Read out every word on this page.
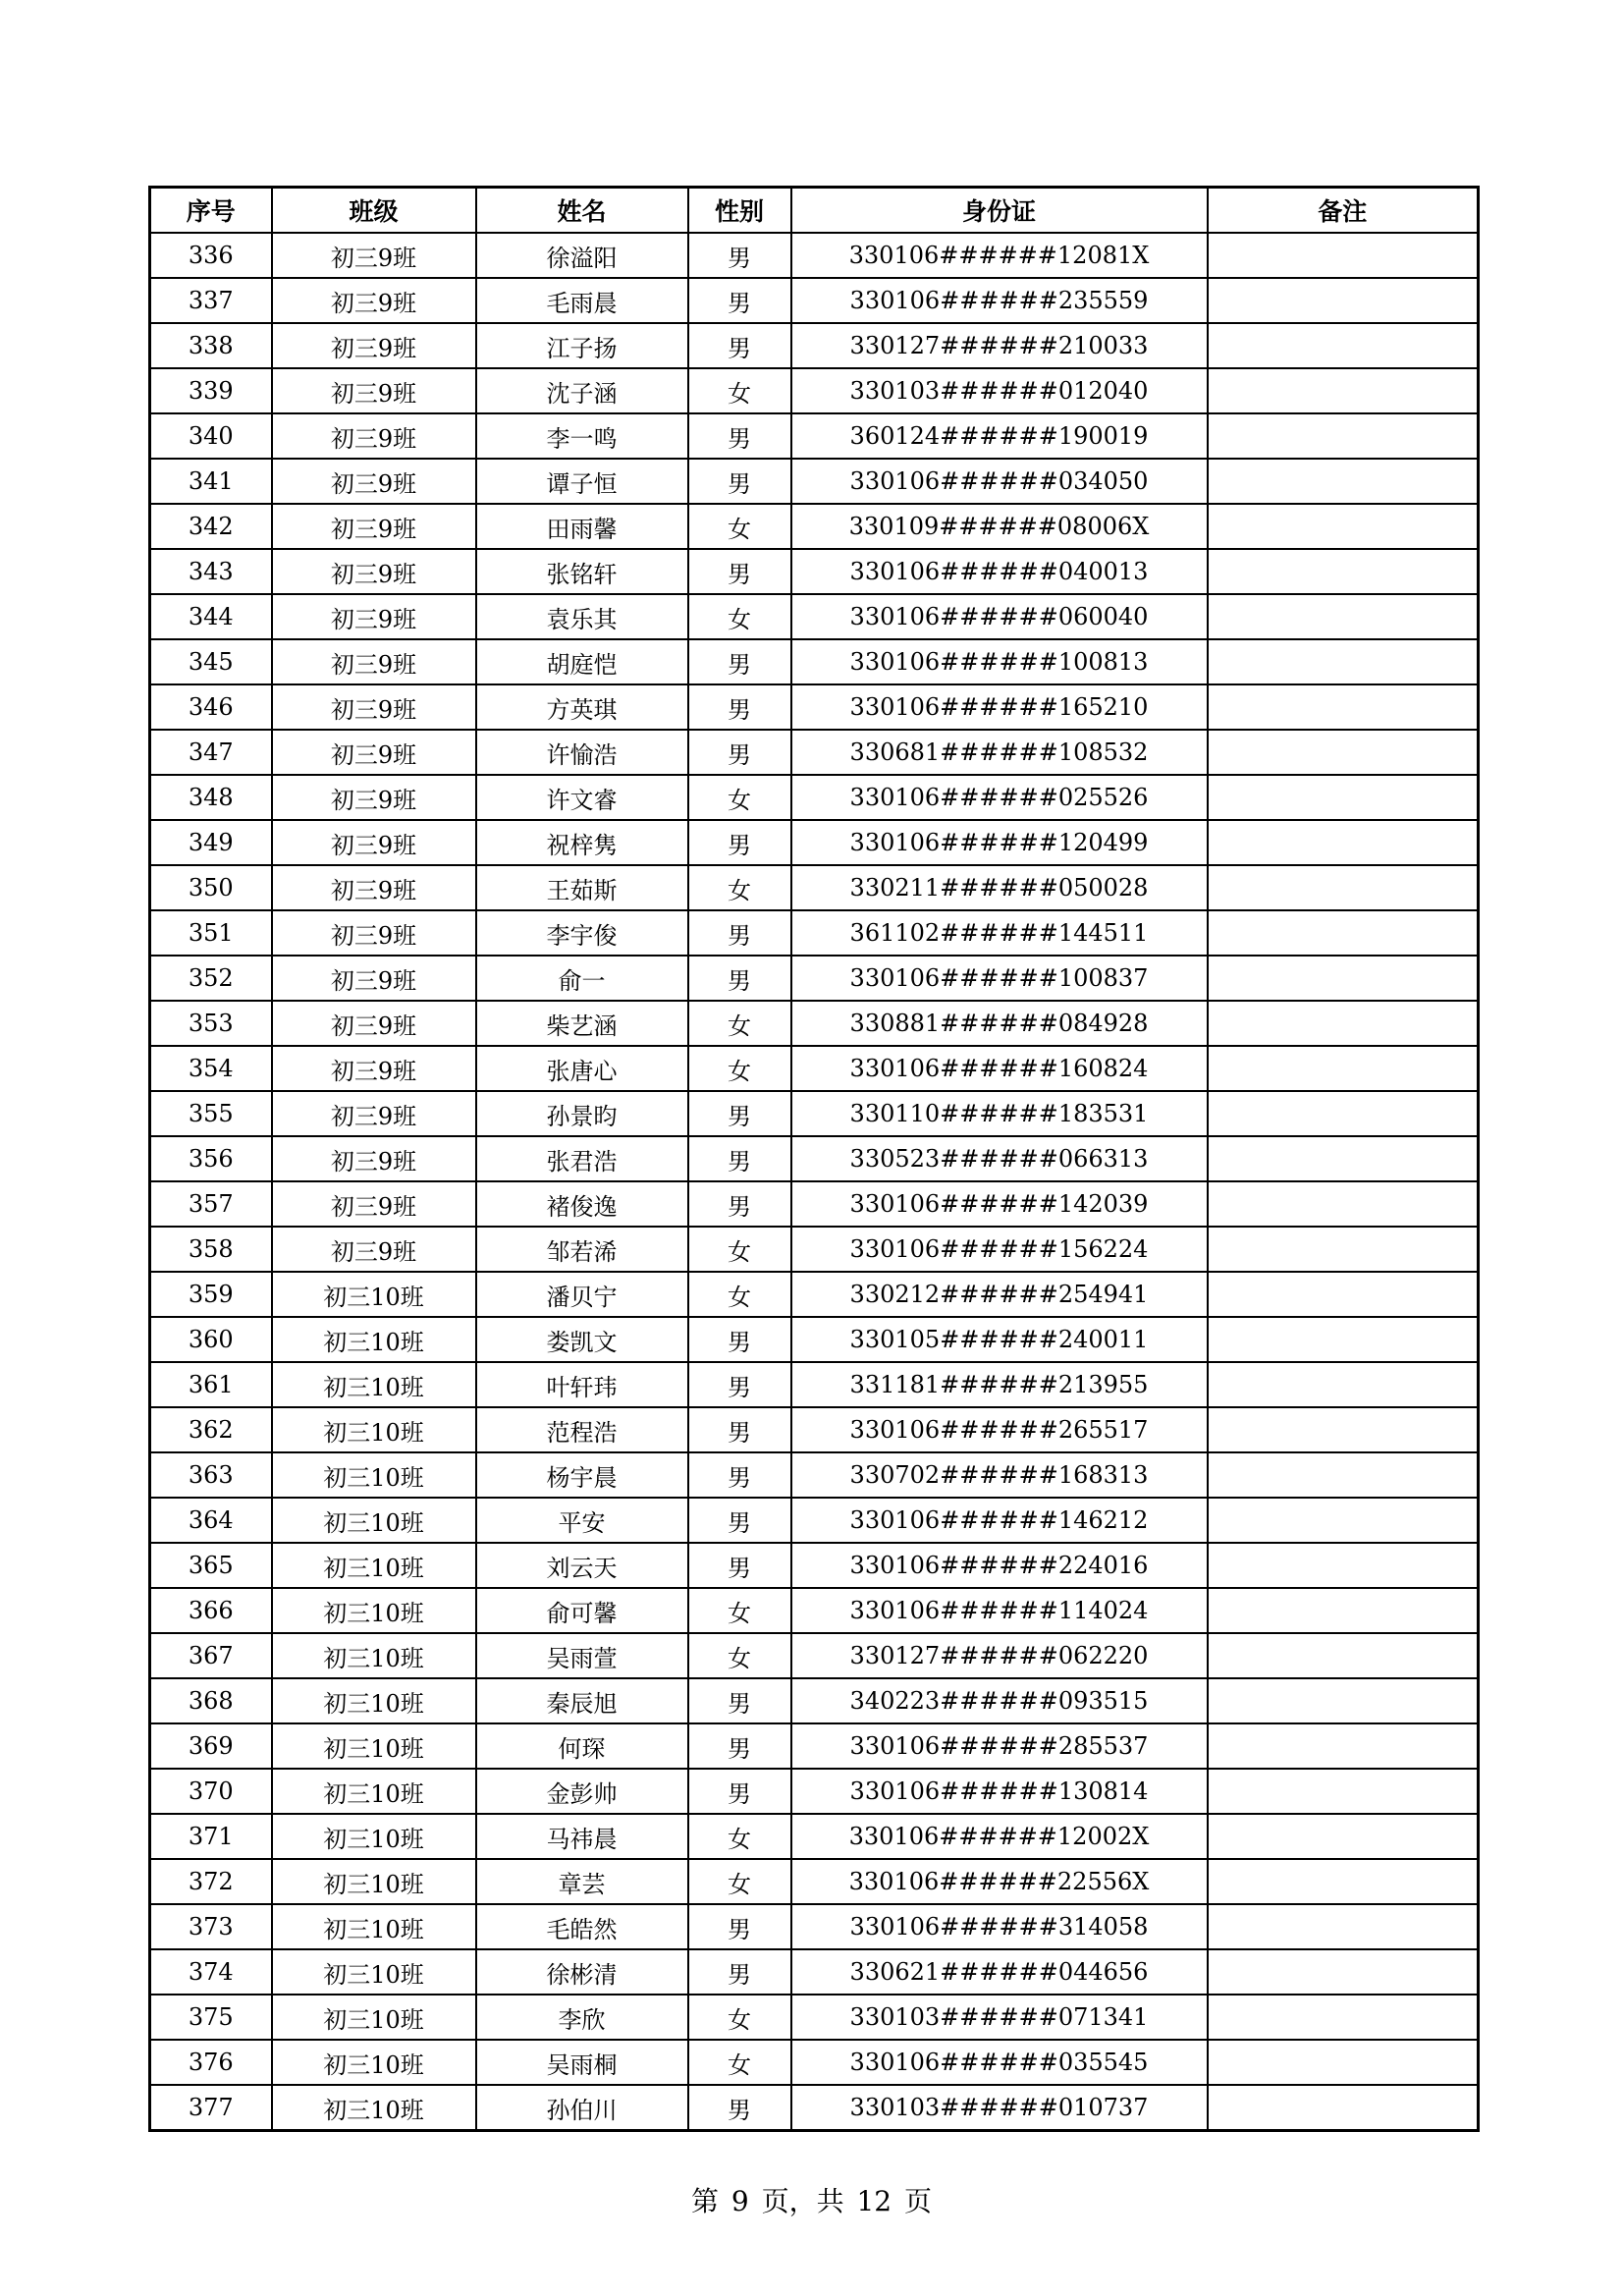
序号	班级	姓名	性别	身份证	备注
336	初三9班	徐溢阳	男	330106######12081X	
337	初三9班	毛雨晨	男	330106######235559	
338	初三9班	江子扬	男	330127######210033	
339	初三9班	沈子涵	女	330103######012040	
340	初三9班	李一鸣	男	360124######190019	
341	初三9班	谭子恒	男	330106######034050	
342	初三9班	田雨馨	女	330109######08006X	
343	初三9班	张铭轩	男	330106######040013	
344	初三9班	袁乐其	女	330106######060040	
345	初三9班	胡庭恺	男	330106######100813	
346	初三9班	方英琪	男	330106######165210	
347	初三9班	许愉浩	男	330681######108532	
348	初三9班	许文睿	女	330106######025526	
349	初三9班	祝梓隽	男	330106######120499	
350	初三9班	王茹斯	女	330211######050028	
351	初三9班	李宇俊	男	361102######144511	
352	初三9班	俞一	男	330106######100837	
353	初三9班	柴艺涵	女	330881######084928	
354	初三9班	张唐心	女	330106######160824	
355	初三9班	孙景昀	男	330110######183531	
356	初三9班	张君浩	男	330523######066313	
357	初三9班	褚俊逸	男	330106######142039	
358	初三9班	邹若浠	女	330106######156224	
359	初三10班	潘贝宁	女	330212######254941	
360	初三10班	娄凯文	男	330105######240011	
361	初三10班	叶轩玮	男	331181######213955	
362	初三10班	范程浩	男	330106######265517	
363	初三10班	杨宇晨	男	330702######168313	
364	初三10班	平安	男	330106######146212	
365	初三10班	刘云天	男	330106######224016	
366	初三10班	俞可馨	女	330106######114024	
367	初三10班	吴雨萱	女	330127######062220	
368	初三10班	秦辰旭	男	340223######093515	
369	初三10班	何琛	男	330106######285537	
370	初三10班	金彭帅	男	330106######130814	
371	初三10班	马祎晨	女	330106######12002X	
372	初三10班	章芸	女	330106######22556X	
373	初三10班	毛皓然	男	330106######314058	
374	初三10班	徐彬清	男	330621######044656	
375	初三10班	李欣	女	330103######071341	
376	初三10班	吴雨桐	女	330106######035545	
377	初三10班	孙伯川	男	330103######010737	
第 9 页，共 12 页
